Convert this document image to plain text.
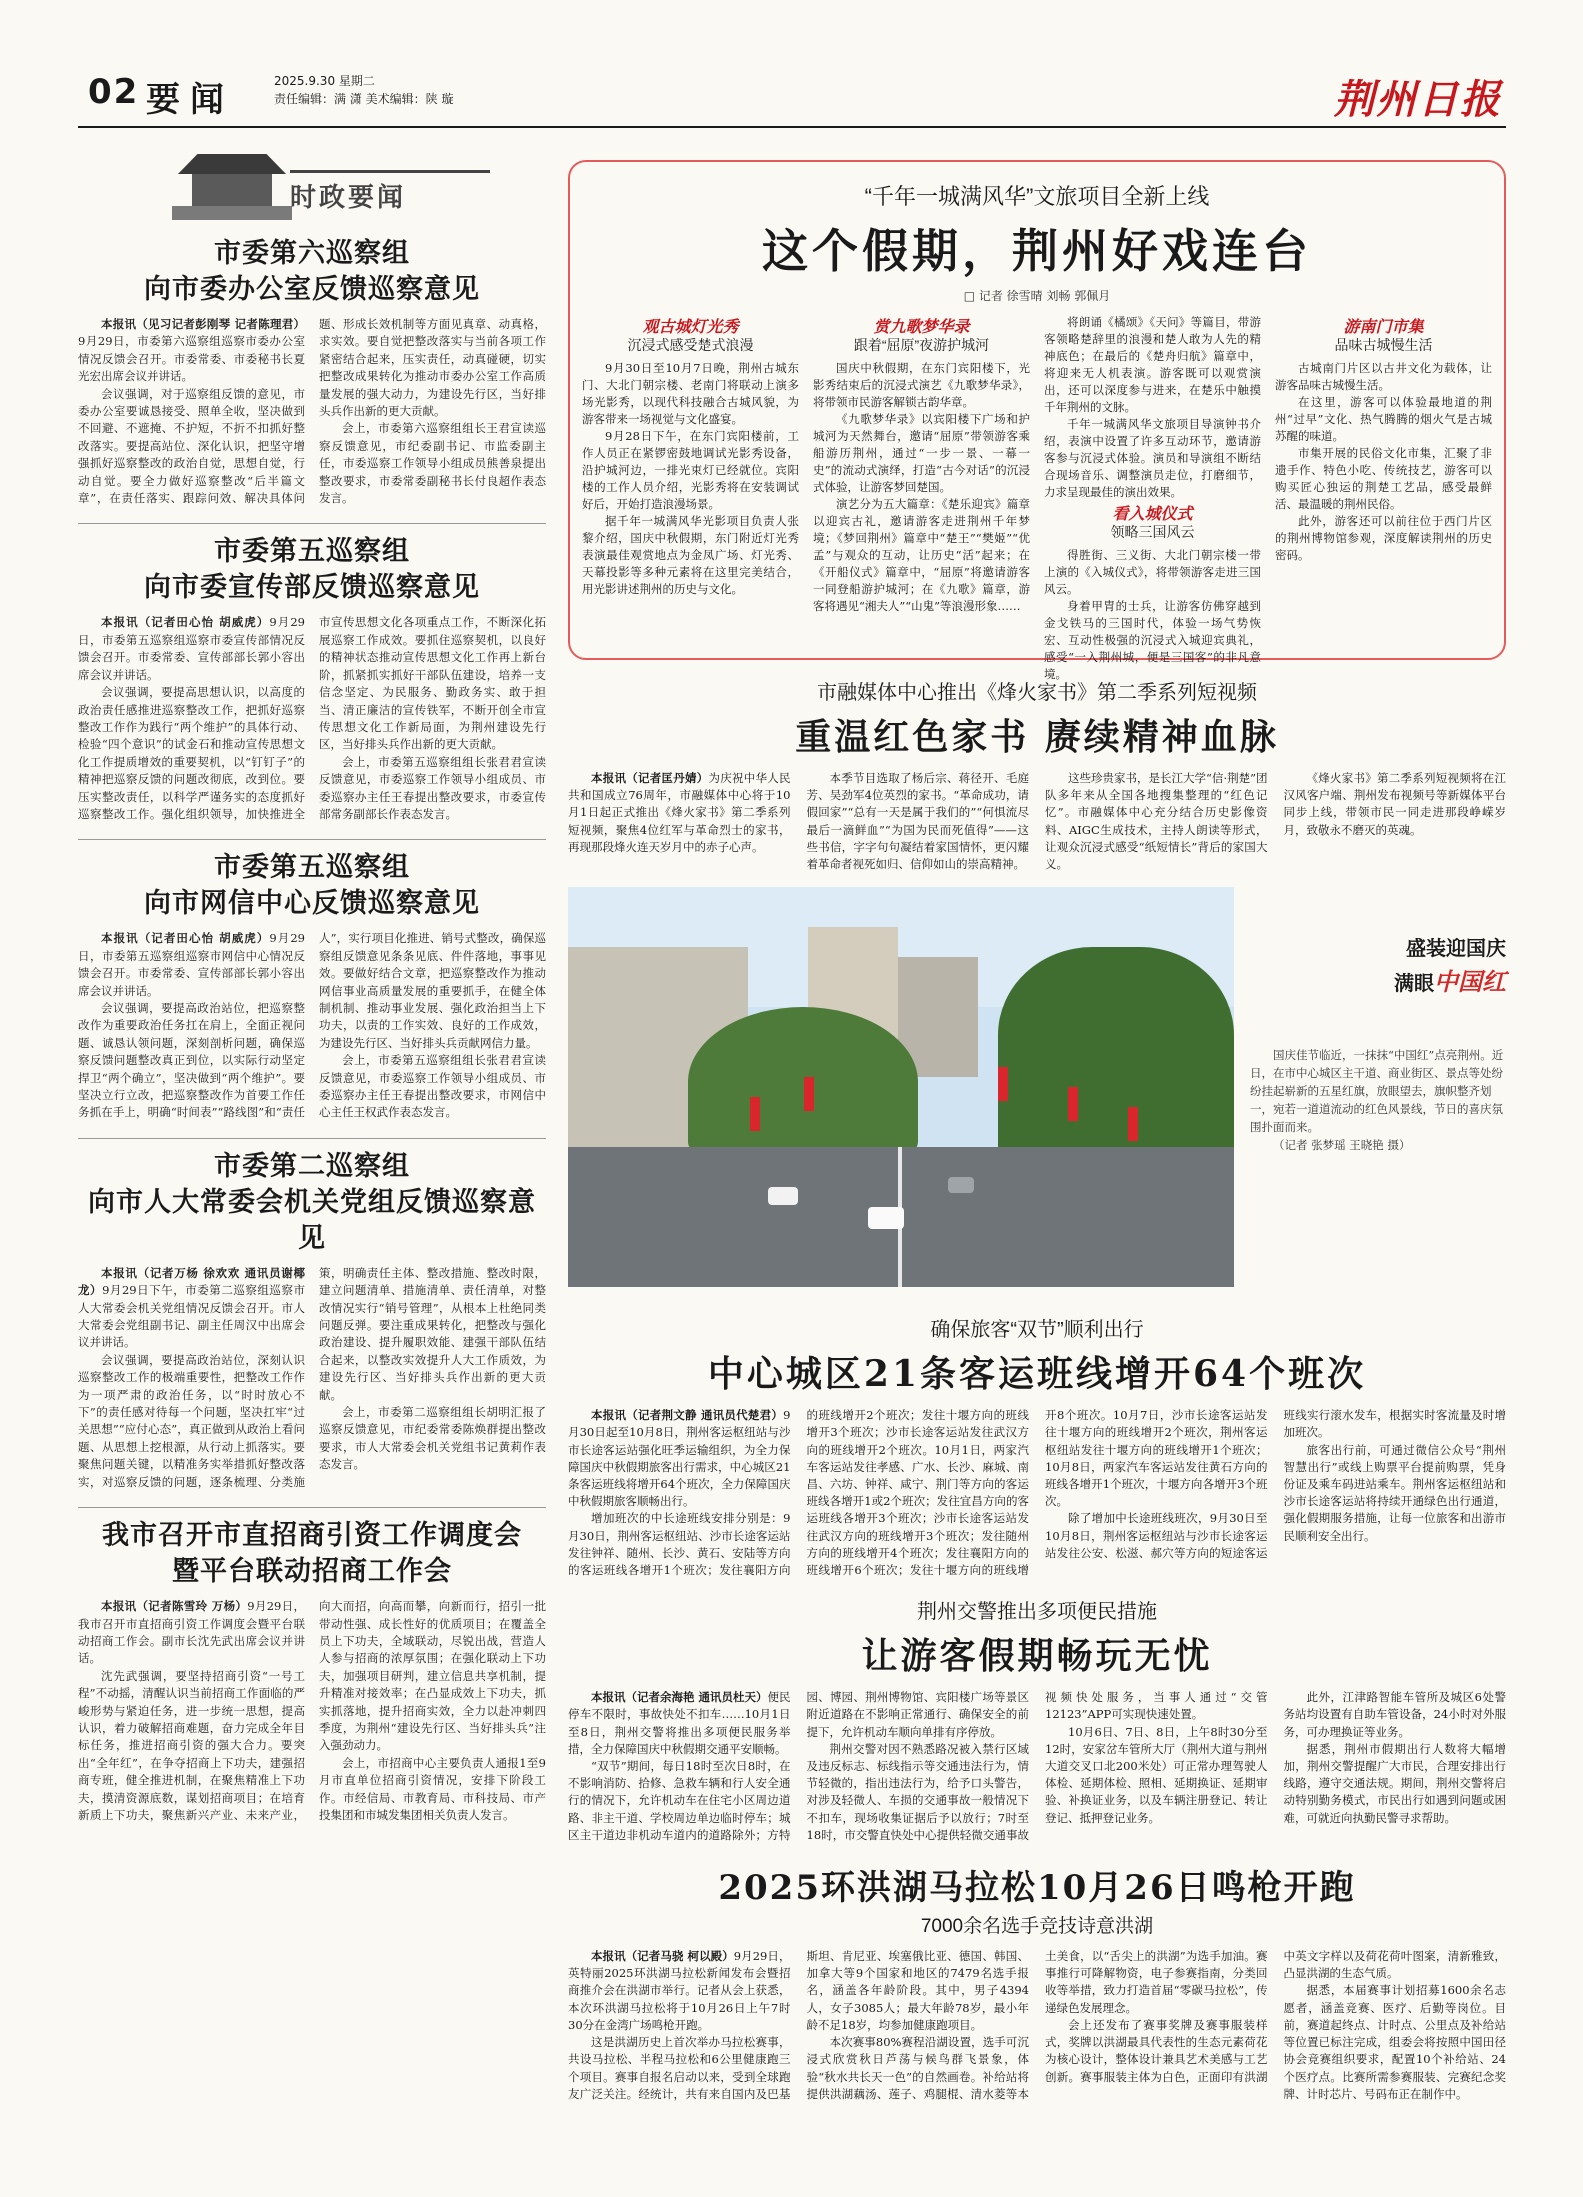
02 要闻	2025.9.30 星期二
责任编辑：满 潇 美术编辑：陕 璇	荆州日报
时政要闻
市委第六巡察组
向市委办公室反馈巡察意见

本报讯（见习记者彭刚琴 记者陈理君）9月29日，市委第六巡察组巡察市委办公室情况反馈会召开。市委常委、市委秘书长夏光宏出席会议并讲话。

会议强调，对于巡察组反馈的意见，市委办公室要诚恳接受、照单全收，坚决做到不回避、不遮掩、不护短，不折不扣抓好整改落实。要提高站位、深化认识，把坚守增强抓好巡察整改的政治自觉，思想自觉，行动自觉。要全力做好巡察整改“后半篇文章”，在责任落实、跟踪问效、解决具体问题、形成长效机制等方面见真章、动真格，求实效。要自觉把整改落实与当前各项工作紧密结合起来，压实责任，动真碰硬，切实把整改成果转化为推动市委办公室工作高质量发展的强大动力，为建设先行区，当好排头兵作出新的更大贡献。

会上，市委第六巡察组组长王君宣读巡察反馈意见，市纪委副书记、市监委副主任，市委巡察工作领导小组成员熊善泉提出整改要求，市委常委副秘书长付良超作表态发言。

市委第五巡察组
向市委宣传部反馈巡察意见

本报讯（记者田心怡 胡威虎）9月29日，市委第五巡察组巡察市委宣传部情况反馈会召开。市委常委、宣传部部长郭小容出席会议并讲话。

会议强调，要提高思想认识，以高度的政治责任感推进巡察整改工作，把抓好巡察整改工作作为践行“两个维护”的具体行动、检验“四个意识”的试金石和推动宣传思想文化工作提质增效的重要契机，以“钉钉子”的精神把巡察反馈的问题改彻底，改到位。要压实整改责任，以科学严谨务实的态度抓好巡察整改工作。强化组织领导，加快推进全市宣传思想文化各项重点工作，不断深化拓展巡察工作成效。要抓住巡察契机，以良好的精神状态推动宣传思想文化工作再上新台阶，抓紧抓实抓好干部队伍建设，培养一支信念坚定、为民服务、勤政务实、敢于担当、清正廉洁的宣传铁军，不断开创全市宣传思想文化工作新局面，为荆州建设先行区，当好排头兵作出新的更大贡献。

会上，市委第五巡察组组长张君君宣读反馈意见，市委巡察工作领导小组成员、市委巡察办主任王春提出整改要求，市委宣传部常务副部长作表态发言。

市委第五巡察组
向市网信中心反馈巡察意见

本报讯（记者田心怡 胡威虎）9月29日，市委第五巡察组巡察市网信中心情况反馈会召开。市委常委、宣传部部长郭小容出席会议并讲话。

会议强调，要提高政治站位，把巡察整改作为重要政治任务扛在肩上，全面正视问题、诚恳认领问题，深刻剖析问题，确保巡察反馈问题整改真正到位，以实际行动坚定捍卫“两个确立”，坚决做到“两个维护”。要坚决立行立改，把巡察整改作为首要工作任务抓在手上，明确“时间表”“路线图”和“责任人”，实行项目化推进、销号式整改，确保巡察组反馈意见条条见底、件件落地，事事见效。要做好结合文章，把巡察整改作为推动网信事业高质量发展的重要抓手，在健全体制机制、推动事业发展、强化政治担当上下功夫，以责的工作实效、良好的工作成效，为建设先行区、当好排头兵贡献网信力量。

会上，市委第五巡察组组长张君君宣读反馈意见，市委巡察工作领导小组成员、市委巡察办主任王春提出整改要求，市网信中心主任王权武作表态发言。

市委第二巡察组
向市人大常委会机关党组反馈巡察意见

本报讯（记者万杨 徐欢欢 通讯员谢椰龙）9月29日下午，市委第二巡察组巡察市人大常委会机关党组情况反馈会召开。市人大常委会党组副书记、副主任周汉中出席会议并讲话。

会议强调，要提高政治站位，深刻认识巡察整改工作的极端重要性，把整改工作作为一项严肃的政治任务，以“时时放心不下”的责任感对待每一个问题，坚决扛牢“过关思想”“应付心态”，真正做到从政治上看问题、从思想上挖根源，从行动上抓落实。要聚焦问题关键，以精准务实举措抓好整改落实，对巡察反馈的问题，逐条梳理、分类施策，明确责任主体、整改措施、整改时限，建立问题清单、措施清单、责任清单，对整改情况实行“销号管理”，从根本上杜绝同类问题反弹。要注重成果转化，把整改与强化政治建设、提升履职效能、建强干部队伍结合起来，以整改实效提升人大工作质效，为建设先行区、当好排头兵作出新的更大贡献。

会上，市委第二巡察组组长胡明汇报了巡察反馈意见，市纪委常委陈焕群提出整改要求，市人大常委会机关党组书记黄莉作表态发言。

我市召开市直招商引资工作调度会
暨平台联动招商工作会

本报讯（记者陈雪玲 万杨）9月29日，我市召开市直招商引资工作调度会暨平台联动招商工作会。副市长沈先武出席会议并讲话。

沈先武强调，要坚持招商引资“一号工程”不动摇，清醒认识当前招商工作面临的严峻形势与紧迫任务，进一步统一思想，提高认识，着力破解招商难题，奋力完成全年目标任务，推进招商引资的强大合力。要突出“全年红”，在争夺招商上下功夫，建强招商专班，健全推进机制，在聚焦精准上下功夫，摸清资源底数，谋划招商项目；在培育新质上下功夫，聚焦新兴产业、未来产业，向大而招，向高而攀，向新而行，招引一批带动性强、成长性好的优质项目；在覆盖全员上下功夫，全域联动，尽锐出战，营造人人参与招商的浓厚氛围；在强化联动上下功夫，加强项目研判，建立信息共享机制，提升精准对接效率；在凸显成效上下功夫，抓实抓落地，提升招商实效，全力以赴冲刺四季度，为荆州“建设先行区、当好排头兵”注入强劲动力。

会上，市招商中心主要负责人通报1至9月市直单位招商引资情况，安排下阶段工作。市经信局、市教育局、市科技局、市产投集团和市城发集团相关负责人发言。

“千年一城满风华”文旅项目全新上线
这个假期，荆州好戏连台
□ 记者 徐雪晴 刘畅 郭佩月
观古城灯光秀
沉浸式感受楚式浪漫

9月30日至10月7日晚，荆州古城东门、大北门朝宗楼、老南门将联动上演多场光影秀，以现代科技融合古城风貌，为游客带来一场视觉与文化盛宴。

9月28日下午，在东门宾阳楼前，工作人员正在紧锣密鼓地调试光影秀设备，沿护城河边，一排光束灯已经就位。宾阳楼的工作人员介绍，光影秀将在安装调试好后，开始打造浪漫场景。

据千年一城满风华光影项目负责人张黎介绍，国庆中秋假期，东门附近灯光秀表演最佳观赏地点为金凤广场、灯光秀、天幕投影等多种元素将在这里完美结合，用光影讲述荆州的历史与文化。

赏九歌梦华录
跟着“屈原”夜游护城河

国庆中秋假期，在东门宾阳楼下，光影秀结束后的沉浸式演艺《九歌梦华录》，将带领市民游客解锁古韵华章。

《九歌梦华录》以宾阳楼下广场和护城河为天然舞台，邀请“屈原”带领游客乘船游历荆州，通过“一步一景、一幕一史”的流动式演绎，打造“古今对话”的沉浸式体验，让游客梦回楚国。

演艺分为五大篇章：《楚乐迎宾》篇章以迎宾古礼，邀请游客走进荆州千年梦境；《梦回荆州》篇章中“楚王”“樊姬”“优孟”与观众的互动，让历史“活”起来；在《开船仪式》篇章中，“屈原”将邀请游客一同登船游护城河；在《九歌》篇章，游客将遇见“湘夫人”“山鬼”等浪漫形象……

将朗诵《橘颂》《天问》等篇目，带游客领略楚辞里的浪漫和楚人敢为人先的精神底色；在最后的《楚舟归航》篇章中，将迎来无人机表演。游客既可以观赏演出，还可以深度参与进来，在楚乐中触摸千年荆州的文脉。

千年一城满风华文旅项目导演钟书介绍，表演中设置了许多互动环节，邀请游客参与沉浸式体验。演员和导演组不断结合现场音乐、调整演员走位，打磨细节，力求呈现最佳的演出效果。

看入城仪式
领略三国风云

得胜街、三义街、大北门朝宗楼一带上演的《入城仪式》，将带领游客走进三国风云。

身着甲胄的士兵，让游客仿佛穿越到金戈铁马的三国时代，体验一场气势恢宏、互动性极强的沉浸式入城迎宾典礼，感受“一入荆州城，便是三国客”的非凡意境。

游南门市集
品味古城慢生活

古城南门片区以古井文化为载体，让游客品味古城慢生活。

在这里，游客可以体验最地道的荆州“过早”文化、热气腾腾的烟火气是古城苏醒的味道。

市集开展的民俗文化市集，汇聚了非遗手作、特色小吃、传统技艺，游客可以购买匠心独运的荆楚工艺品，感受最鲜活、最温暖的荆州民俗。

此外，游客还可以前往位于西门片区的荆州博物馆参观，深度解读荆州的历史密码。

市融媒体中心推出《烽火家书》第二季系列短视频
重温红色家书 赓续精神血脉

本报讯（记者匡丹婧）为庆祝中华人民共和国成立76周年，市融媒体中心将于10月1日起正式推出《烽火家书》第二季系列短视频，聚焦4位红军与革命烈士的家书，再现那段烽火连天岁月中的赤子心声。

本季节目选取了杨后宗、蒋径开、毛庭芳、吴劲军4位英烈的家书。“革命成功，请假回家”“总有一天是属于我们的”“何惧流尽最后一滴鲜血”“为国为民而死值得”——这些书信，字字句句凝结着家国情怀，更闪耀着革命者视死如归、信仰如山的崇高精神。

这些珍贵家书，是长江大学“信·荆楚”团队多年来从全国各地搜集整理的“红色记忆”。市融媒体中心充分结合历史影像资料、AIGC生成技术，主持人朗读等形式，让观众沉浸式感受“纸短情长”背后的家国大义。

《烽火家书》第二季系列短视频将在江汉风客户端、荆州发布视频号等新媒体平台同步上线，带领市民一同走进那段峥嵘岁月，致敬永不磨灭的英魂。

盛装迎国庆
满眼中国红

国庆佳节临近，一抹抹“中国红”点亮荆州。近日，在市中心城区主干道、商业街区、景点等处纷纷挂起崭新的五星红旗，放眼望去，旗帜整齐划一，宛若一道道流动的红色风景线，节日的喜庆氛围扑面而来。

（记者 张梦瑶 王晓艳 摄）

确保旅客“双节”顺利出行
中心城区21条客运班线增开64个班次

本报讯（记者荆文静 通讯员代楚君）9月30日起至10月8日，荆州客运枢纽站与沙市长途客运站强化旺季运输组织，为全力保障国庆中秋假期旅客出行需求，中心城区21条客运班线将增开64个班次，全力保障国庆中秋假期旅客顺畅出行。

增加班次的中长途班线安排分别是：9月30日，荆州客运枢纽站、沙市长途客运站发往钟祥、随州、长沙、黄石、安陆等方向的客运班线各增开1个班次；发往襄阳方向的班线增开2个班次；发往十堰方向的班线增开3个班次；沙市长途客运站发往武汉方向的班线增开2个班次。10月1日，两家汽车客运站发往孝感、广水、长沙、麻城、南昌、六坊、钟祥、咸宁、荆门等方向的客运班线各增开1或2个班次；发往宜昌方向的客运班线各增开3个班次；沙市长途客运站发往武汉方向的班线增开3个班次；发往随州方向的班线增开4个班次；发往襄阳方向的班线增开6个班次；发往十堰方向的班线增开8个班次。10月7日，沙市长途客运站发往十堰方向的班线增开2个班次，荆州客运枢纽站发往十堰方向的班线增开1个班次；10月8日，两家汽车客运站发往黄石方向的班线各增开1个班次，十堰方向各增开3个班次。

除了增加中长途班线班次，9月30日至10月8日，荆州客运枢纽站与沙市长途客运站发往公安、松滋、郝穴等方向的短途客运班线实行滚水发车，根据实时客流量及时增加班次。

旅客出行前，可通过微信公众号“荆州智慧出行”或线上购票平台提前购票，凭身份证及乘车码进站乘车。荆州客运枢纽站和沙市长途客运站将持续开通绿色出行通道，强化假期服务措施，让每一位旅客和出游市民顺利安全出行。

荆州交警推出多项便民措施
让游客假期畅玩无忧

本报讯（记者余海艳 通讯员杜天）便民停车不限时，事故快处不扣车……10月1日至8日，荆州交警将推出多项便民服务举措，全力保障国庆中秋假期交通平安顺畅。

“双节”期间，每日18时至次日8时，在不影响消防、拾修、急救车辆和行人安全通行的情况下，允许机动车在住宅小区周边道路、非主干道、学校周边单边临时停车；城区主干道边非机动车道内的道路除外；方特园、博园、荆州博物馆、宾阳楼广场等景区附近道路在不影响正常通行、确保安全的前提下，允许机动车顺向单排有序停放。

荆州交警对因不熟悉路况被入禁行区域及违反标志、标线指示等交通违法行为，情节轻微的，指出违法行为，给予口头警告，对涉及轻微人、车损的交通事故一般情况下不扣车，现场收集证据后予以放行；7时至18时，市交警直快处中心提供轻微交通事故视频快处服务，当事人通过“交管12123”APP可实现快速处置。

10月6日、7日、8日，上午8时30分至12时，安家岔车管所大厅（荆州大道与荆州大道交叉口北200米处）可正常办理驾驶人体检、延期体检、照相、延期换证、延期审验、补换证业务，以及车辆注册登记、转让登记、抵押登记业务。

此外，江津路智能车管所及城区6处警务站均设置有自助车管设备，24小时对外服务，可办理换证等业务。

据悉，荆州市假期出行人数将大幅增加，荆州交警提醒广大市民，合理安排出行线路，遵守交通法规。期间，荆州交警将启动特别勤务模式，市民出行如遇到问题或困难，可就近向执勤民警寻求帮助。

2025环洪湖马拉松10月26日鸣枪开跑
7000余名选手竞技诗意洪湖

本报讯（记者马骁 柯以殿）9月29日，英特丽2025环洪湖马拉松新闻发布会暨招商推介会在洪湖市举行。记者从会上获悉，本次环洪湖马拉松将于10月26日上午7时30分在金湾广场鸣枪开跑。

这是洪湖历史上首次举办马拉松赛事，共设马拉松、半程马拉松和6公里健康跑三个项目。赛事自报名启动以来，受到全球跑友广泛关注。经统计，共有来自国内及巴基斯坦、肯尼亚、埃塞俄比亚、德国、韩国、加拿大等9个国家和地区的7479名选手报名，涵盖各年龄阶段。其中，男子4394人，女子3085人；最大年龄78岁，最小年龄不足18岁，均参加健康跑项目。

本次赛事80%赛程沿湖设置，选手可沉浸式欣赏秋日芦荡与候鸟群飞景象，体验“秋水共长天一色”的自然画卷。补给站将提供洪湖藕汤、莲子、鸡腿棍、清水菱等本土美食，以“舌尖上的洪湖”为选手加油。赛事推行可降解物资，电子参赛指南，分类回收等举措，致力打造首届“零碳马拉松”，传递绿色发展理念。

会上还发布了赛事奖牌及赛事服装样式，奖牌以洪湖最具代表性的生态元素荷花为核心设计，整体设计兼具艺术美感与工艺创新。赛事服装主体为白色，正面印有洪湖中英文字样以及荷花荷叶图案，清新雅致，凸显洪湖的生态气质。

据悉，本届赛事计划招募1600余名志愿者，涵盖竞赛、医疗、后勤等岗位。目前，赛道起终点、计时点、公里点及补给站等位置已标注完成，组委会将按照中国田径协会竞赛组织要求，配置10个补给站、24个医疗点。比赛所需参赛服装、完赛纪念奖牌、计时芯片、号码布正在制作中。
